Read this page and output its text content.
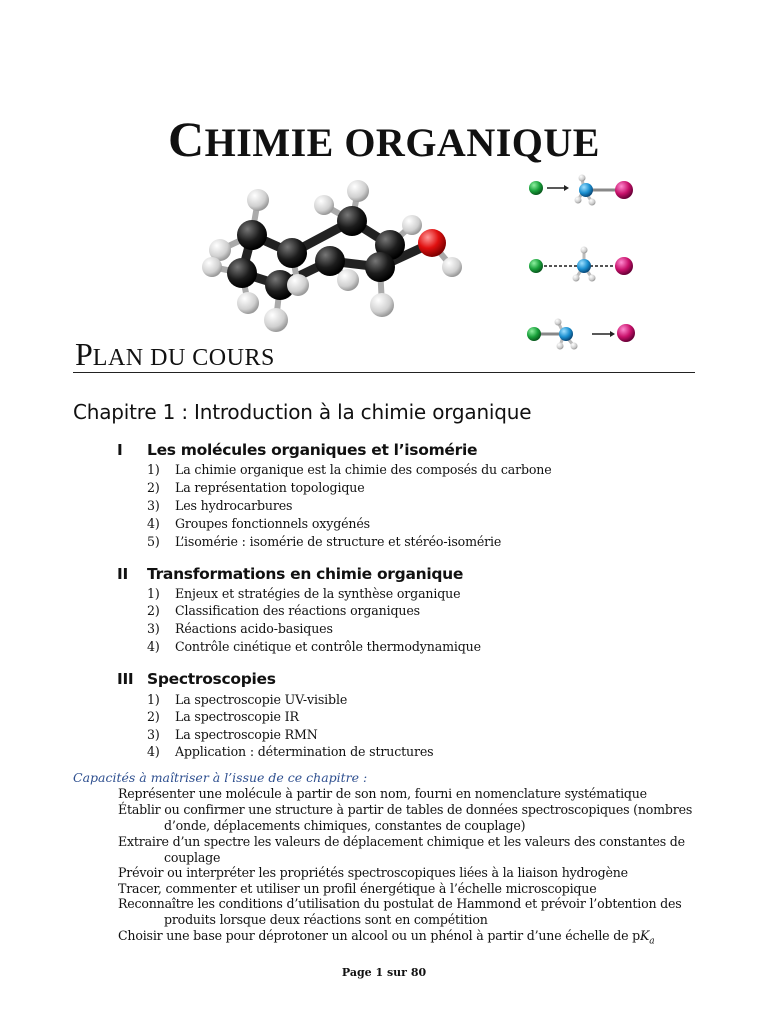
CHIMIE ORGANIQUE
PLAN DU COURS
Chapitre 1 : Introduction à la chimie organique
I Les molécules organiques et l’isomérie
1) La chimie organique est la chimie des composés du carbone
2) La représentation topologique
3) Les hydrocarbures
4) Groupes fonctionnels oxygénés
5) L’isomérie : isomérie de structure et stéréo-isomérie
II Transformations en chimie organique
1) Enjeux et stratégies de la synthèse organique
2) Classification des réactions organiques
3) Réactions acido-basiques
4) Contrôle cinétique et contrôle thermodynamique
III Spectroscopies
1) La spectroscopie UV-visible
2) La spectroscopie IR
3) La spectroscopie RMN
4) Application : détermination de structures
Capacités à maîtriser à l’issue de ce chapitre :
Représenter une molécule à partir de son nom, fourni en nomenclature systématique
Établir ou confirmer une structure à partir de tables de données spectroscopiques (nombres
d’onde, déplacements chimiques, constantes de couplage)
Extraire d’un spectre les valeurs de déplacement chimique et les valeurs des constantes de
couplage
Prévoir ou interpréter les propriétés spectroscopiques liées à la liaison hydrogène
Tracer, commenter et utiliser un profil énergétique à l’échelle microscopique
Reconnaître les conditions d’utilisation du postulat de Hammond et prévoir l’obtention des
produits lorsque deux réactions sont en compétition
Choisir une base pour déprotoner un alcool ou un phénol à partir d’une échelle de $pK_a$
Page 1 sur 80
